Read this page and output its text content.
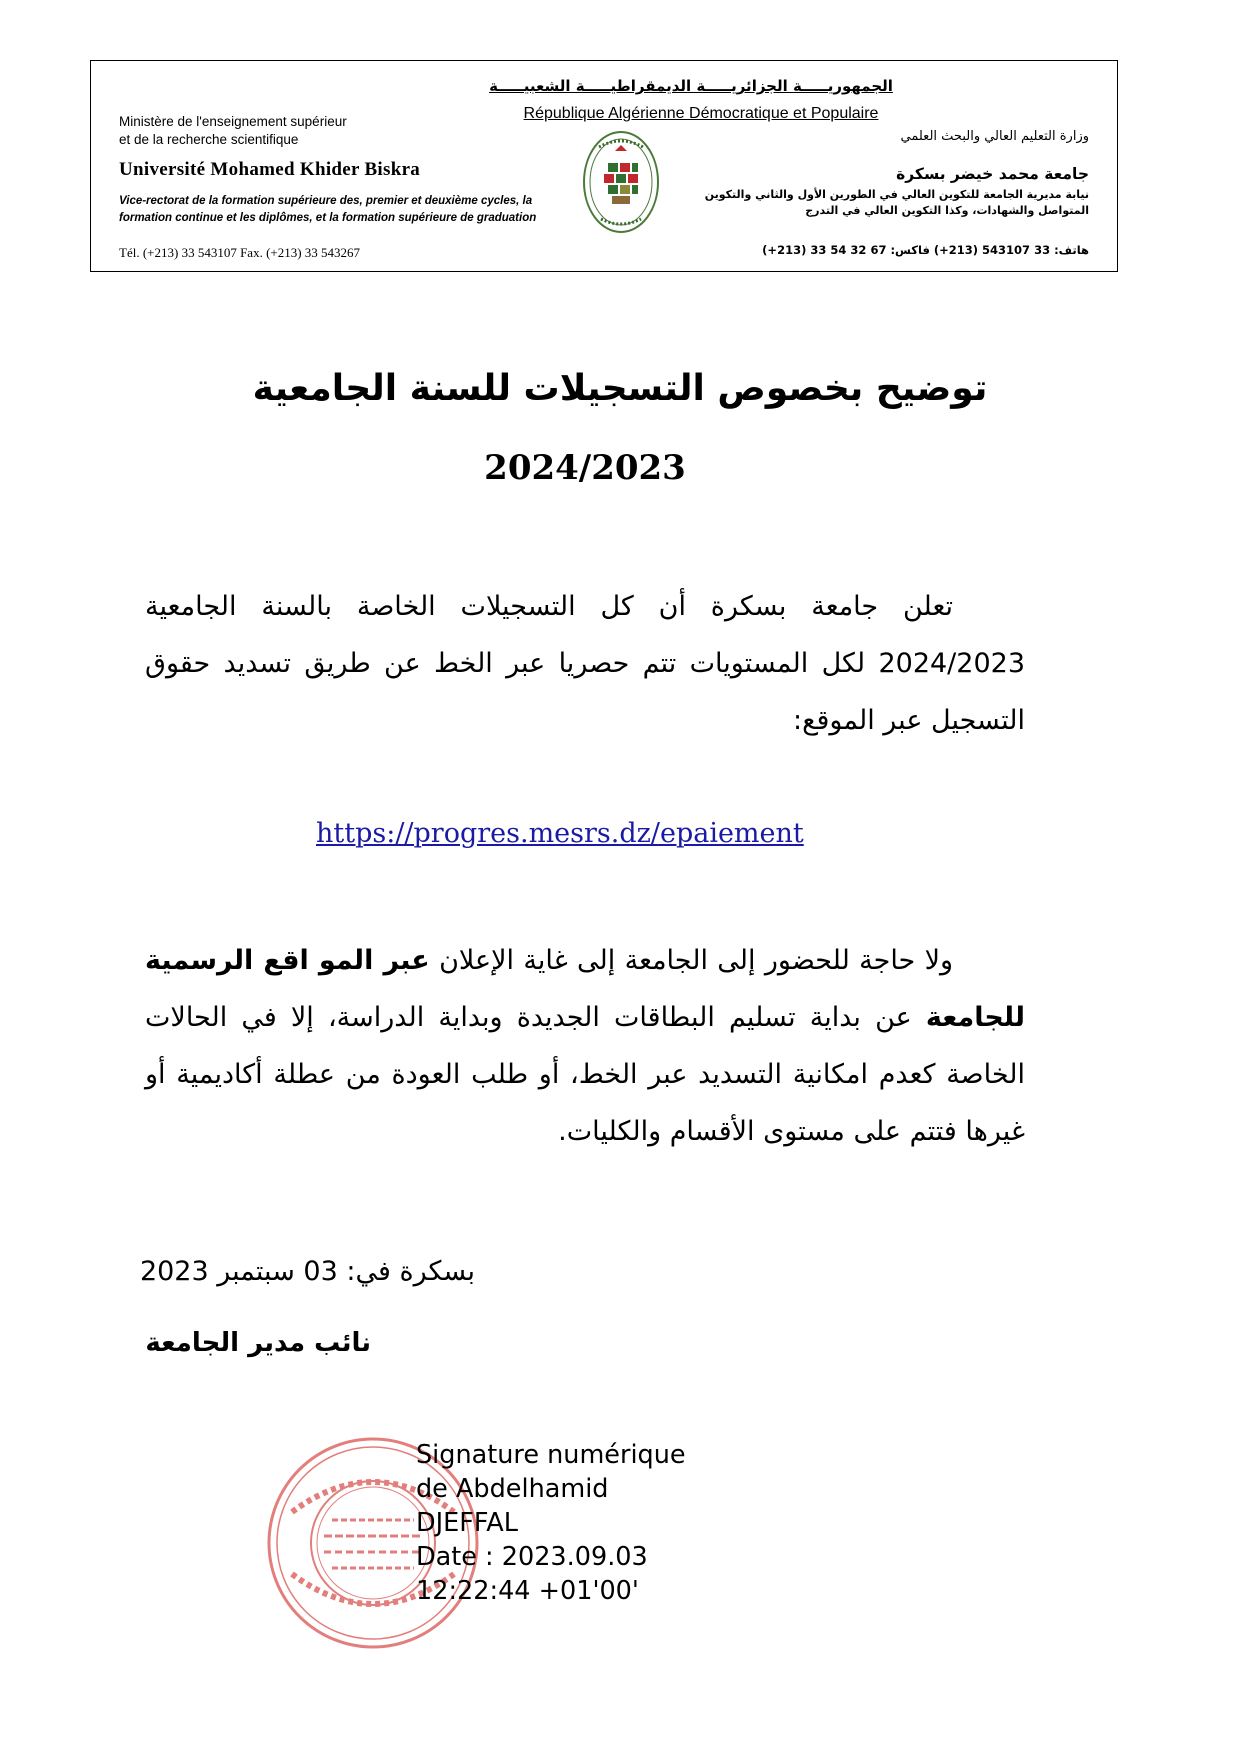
الجمهوريـــــة الجزائريـــــة الديمقراطيـــــة الشعبيـــــة
République Algérienne Démocratique et Populaire
Ministère de l'enseignement supérieur
et de la recherche scientifique
Université Mohamed Khider Biskra
Vice-rectorat de la formation supérieure des, premier et deuxième cycles, la
formation continue et les diplômes, et la formation supérieure de graduation
Tél. (+213) 33 543107 Fax. (+213) 33 543267
وزارة التعليم العالي والبحث العلمي
جامعة محمد خيضر بسكرة
نيابة مديرية الجامعة للتكوين العالي في الطورين الأول والثاني والتكوين
المتواصل والشهادات، وكذا التكوين العالي في التدرج
هاتف: 33 543107 (213+) فاكس: 67 32 54 33 (213+)
توضيح بخصوص التسجيلات للسنة الجامعية
2024/2023
تعلن جامعة بسكرة أن كل التسجيلات الخاصة بالسنة الجامعية 2024/2023 لكل المستويات تتم حصريا عبر الخط عن طريق تسديد حقوق التسجيل عبر الموقع:
https://progres.mesrs.dz/epaiement
ولا حاجة للحضور إلى الجامعة إلى غاية الإعلان عبر المو اقع الرسمية للجامعة عن بداية تسليم البطاقات الجديدة وبداية الدراسة، إلا في الحالات الخاصة كعدم امكانية التسديد عبر الخط، أو طلب العودة من عطلة أكاديمية أو غيرها فتتم على مستوى الأقسام والكليات.
بسكرة في: 03 سبتمبر 2023
نائب مدير الجامعة
Signature numérique
de Abdelhamid
DJEFFAL
Date : 2023.09.03
12:22:44 +01'00'
